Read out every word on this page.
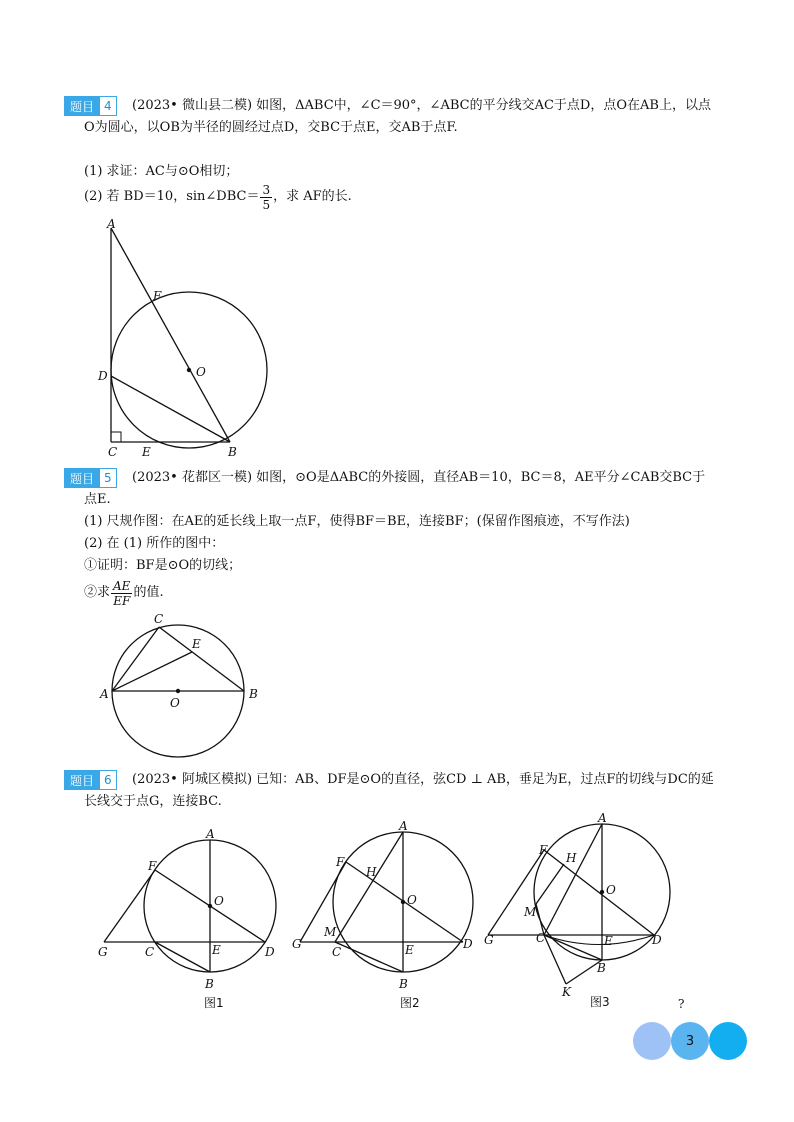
题目 4	(2023• 微山县二模) 如图，ΔABC中，∠C＝90°，∠ABC的平分线交AC于点D，点O在AB上，以点
O为圆心，以OB为半径的圆经过点D，交BC于点E，交AB于点F.
(1) 求证：AC与⊙O相切；
(2) 若 BD＝10，sin∠DBC＝ $\frac{3}{5}$ ，求 AF的长.
A
F
O
D
C E	B
题目 5	(2023• 花都区一模) 如图，⊙O是ΔABC的外接圆，直径AB＝10，BC＝8，AE平分∠CAB交BC于
点E.
(1) 尺规作图：在AE的延长线上取一点F，使得BF＝BE，连接BF；(保留作图痕迹，不写作法)
(2) 在 (1) 所作的图中：
①证明：BF是⊙O的切线；
②求 $\frac{AE}{EF}$ 的值.
C
E
A
O
B
题目 6	(2023• 阿城区模拟) 已知：AB、DF是⊙O的直径，弦CD ⊥ AB，垂足为E，过点F的切线与DC的延
长线交于点G，连接BC.
A
F
O
G	C	E	D
B
图1
A
F
H
O
M
G
C	E	D
B
图2
A
F
H
O
M
G	C	E	D
B
K
图3	?
3
